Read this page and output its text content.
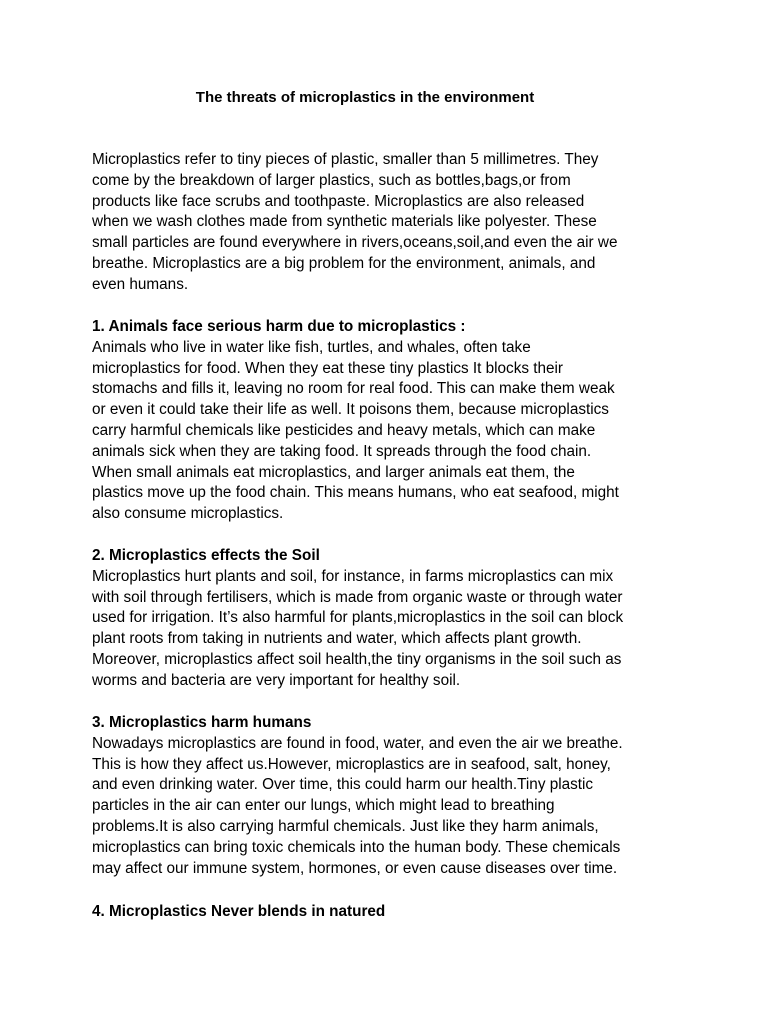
The threats of microplastics in the environment
Microplastics refer to tiny pieces of plastic, smaller than 5 millimetres. They
come by the breakdown of larger plastics, such as bottles,bags,or from
products like face scrubs and toothpaste. Microplastics are also released
when we wash clothes made from synthetic materials like polyester. These
small particles are found everywhere in rivers,oceans,soil,and even the air we
breathe. Microplastics are a big problem for the environment, animals, and
even humans.
1. Animals face serious harm due to microplastics :
Animals who live in water like fish, turtles, and whales, often take
microplastics for food. When they eat these tiny plastics It blocks their
stomachs and fills it, leaving no room for real food. This can make them weak
or even it could take their life as well. It poisons them, because microplastics
carry harmful chemicals like pesticides and heavy metals, which can make
animals sick when they are taking food. It spreads through the food chain.
When small animals eat microplastics, and larger animals eat them, the
plastics move up the food chain. This means humans, who eat seafood, might
also consume microplastics.
2. Microplastics effects the Soil
Microplastics hurt plants and soil, for instance, in farms microplastics can mix
with soil through fertilisers, which is made from organic waste or through water
used for irrigation. It’s also harmful for plants,microplastics in the soil can block
plant roots from taking in nutrients and water, which affects plant growth.
Moreover, microplastics affect soil health,the tiny organisms in the soil such as
worms and bacteria are very important for healthy soil.
3. Microplastics harm humans
Nowadays microplastics are found in food, water, and even the air we breathe.
This is how they affect us.However, microplastics are in seafood, salt, honey,
and even drinking water. Over time, this could harm our health.Tiny plastic
particles in the air can enter our lungs, which might lead to breathing
problems.It is also carrying harmful chemicals. Just like they harm animals,
microplastics can bring toxic chemicals into the human body. These chemicals
may affect our immune system, hormones, or even cause diseases over time.
4. Microplastics Never blends in natured
